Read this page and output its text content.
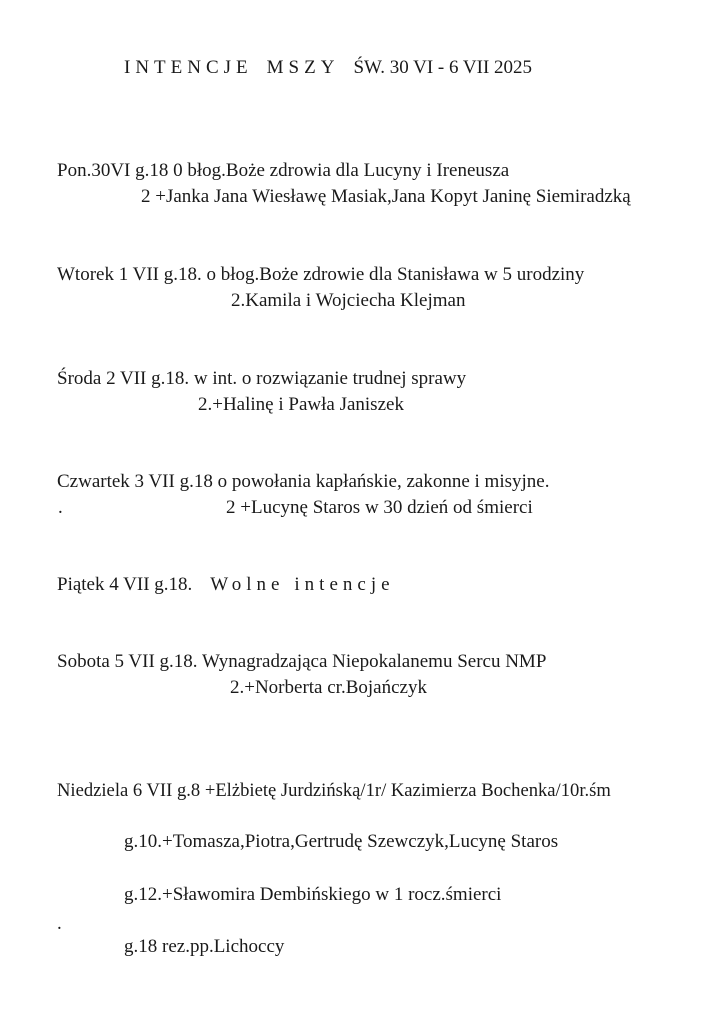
INTENCJE MSZY ŚW. 30 VI - 6 VII 2025
Pon.30VI g.18 0 błog.Boże zdrowia dla Lucyny i Ireneusza
2 +Janka Jana Wiesławę Masiak,Jana Kopyt Janinę Siemiradzką
Wtorek 1 VII g.18. o błog.Boże zdrowie dla Stanisława w 5 urodziny
2.Kamila i Wojciecha Klejman
Środa 2 VII g.18. w int. o rozwiązanie trudnej sprawy
2.+Halinę i Pawła Janiszek
Czwartek 3 VII g.18 o powołania kapłańskie, zakonne i misyjne.
.	2 +Lucynę Staros w 30 dzień od śmierci
Piątek 4 VII g.18. Wolne intencje
Sobota 5 VII g.18. Wynagradzająca Niepokalanemu Sercu NMP
2.+Norberta cr.Bojańczyk
Niedziela 6 VII g.8 +Elżbietę Jurdzińską/1r/ Kazimierza Bochenka/10r.śm
g.10.+Tomasza,Piotra,Gertrudę Szewczyk,Lucynę Staros
g.12.+Sławomira Dembińskiego w 1 rocz.śmierci
.
g.18 rez.pp.Lichoccy
